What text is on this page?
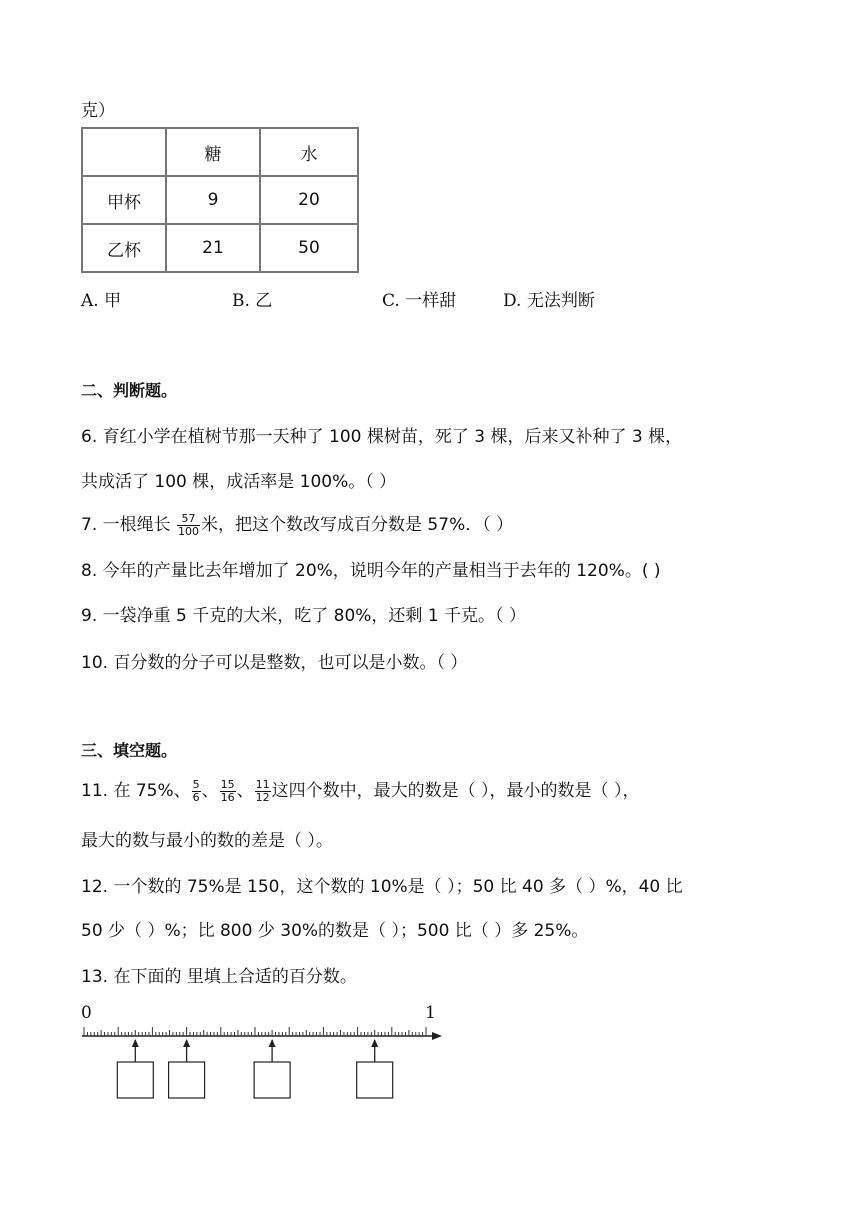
克）
	糖	水
甲杯	9	20
乙杯	21	50
A. 甲	B. 乙	C. 一样甜	D. 无法判断
二、判断题。
6. 育红小学在植树节那一天种了 100 棵树苗，死了 3 棵，后来又补种了 3 棵，
共成活了 100 棵，成活率是 100%。（ ）
7. 一根绳长 $\frac{57}{100}$ 米，把这个数改写成百分数是 57%．（ ）
8. 今年的产量比去年增加了 20%，说明今年的产量相当于去年的 120%。( )
9. 一袋净重 5 千克的大米，吃了 80%，还剩 1 千克。（ ）
10. 百分数的分子可以是整数，也可以是小数。（ ）
三、填空题。
11. 在 75%、 $\frac{5}{6}$ 、 $\frac{15}{16}$ 、 $\frac{11}{12}$ 这四个数中，最大的数是（ ），最小的数是（ ），
最大的数与最小的数的差是（ ）。
12. 一个数的 75%是 150，这个数的 10%是（ ）；50 比 40 多（ ）%，40 比
50 少（ ）%；比 800 少 30%的数是（ ）；500 比（ ）多 25%。
13. 在下面的 里填上合适的百分数。
0	1
